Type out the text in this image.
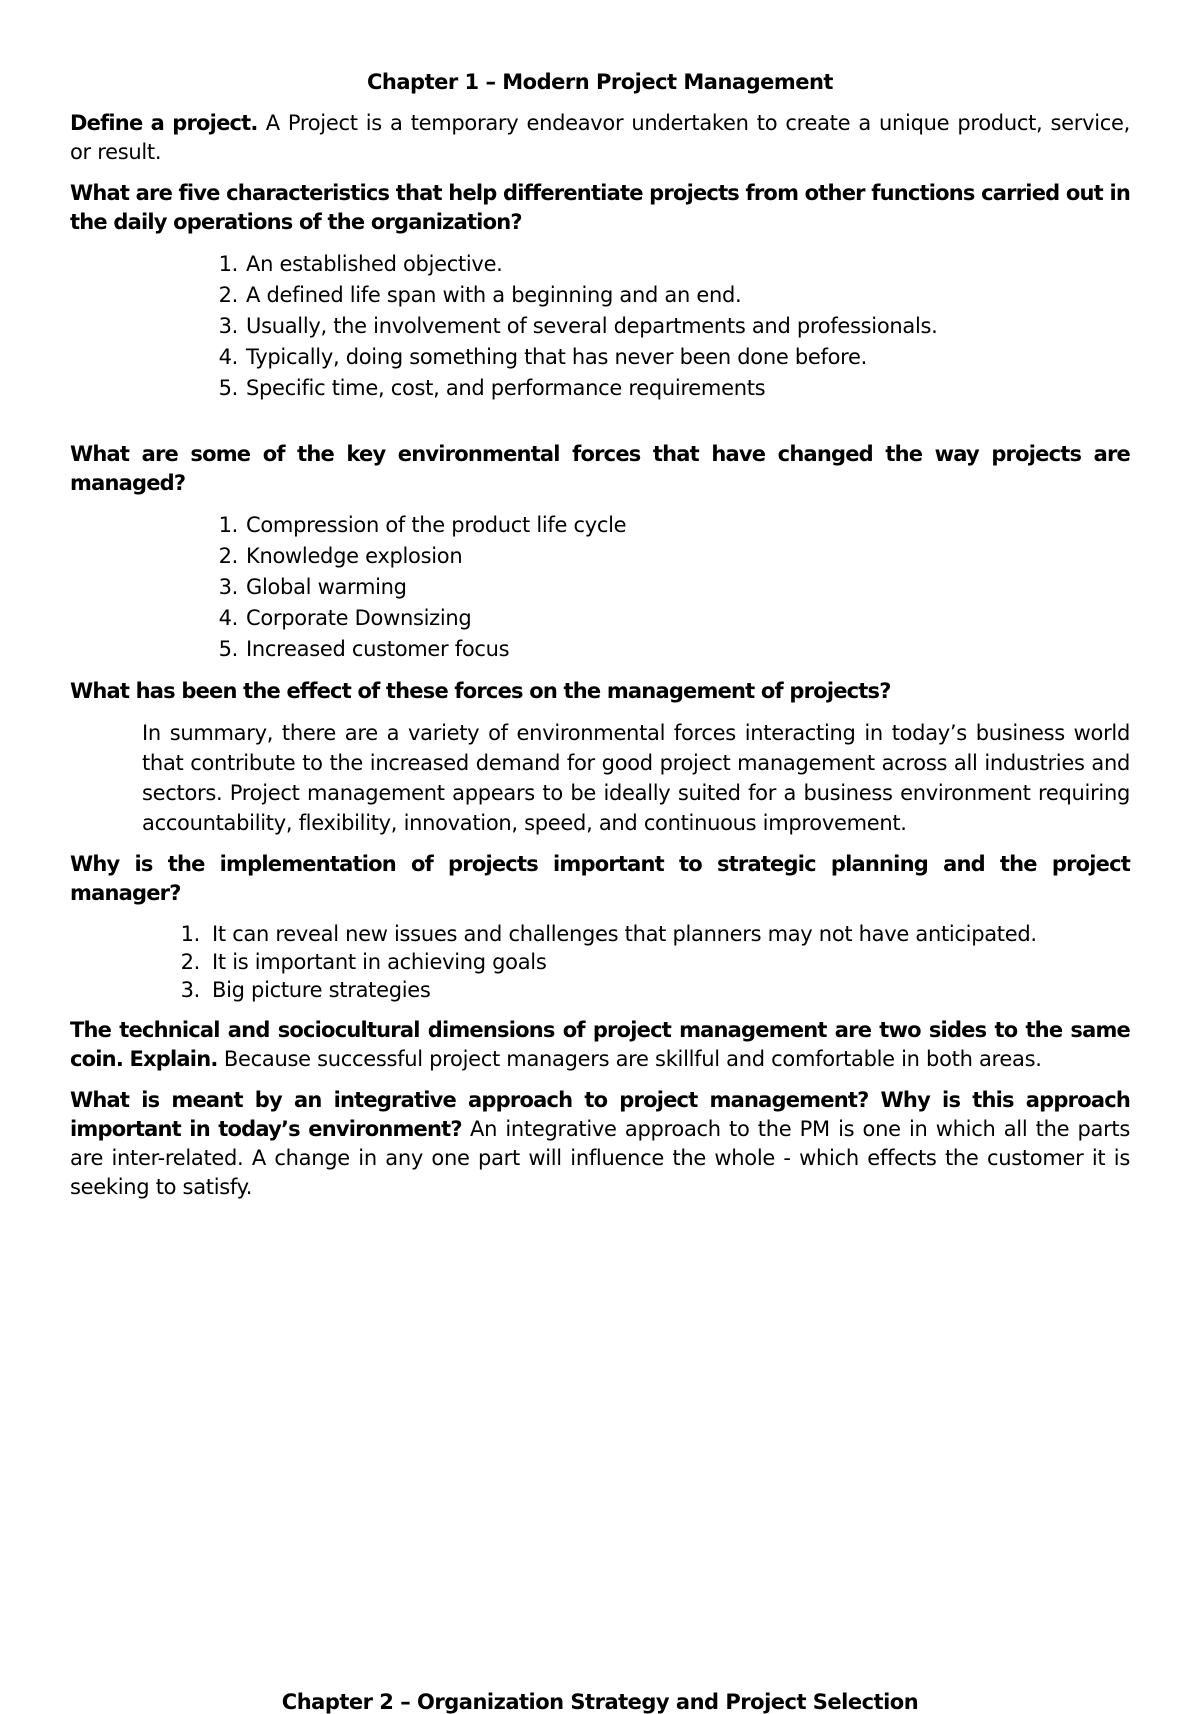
Chapter 1 – Modern Project Management

Define a project. A Project is a temporary endeavor undertaken to create a unique product, service, or result.

What are five characteristics that help differentiate projects from other functions carried out in the daily operations of the organization?

1. An established objective.
2. A defined life span with a beginning and an end.
3. Usually, the involvement of several departments and professionals.
4. Typically, doing something that has never been done before.
5. Specific time, cost, and performance requirements

What are some of the key environmental forces that have changed the way projects are managed?

1. Compression of the product life cycle
2. Knowledge explosion
3. Global warming
4. Corporate Downsizing
5. Increased customer focus

What has been the effect of these forces on the management of projects?

In summary, there are a variety of environmental forces interacting in today’s business world that contribute to the increased demand for good project management across all industries and sectors. Project management appears to be ideally suited for a business environment requiring accountability, flexibility, innovation, speed, and continuous improvement.

Why is the implementation of projects important to strategic planning and the project manager?

1. It can reveal new issues and challenges that planners may not have anticipated.
2. It is important in achieving goals
3. Big picture strategies

The technical and sociocultural dimensions of project management are two sides to the same coin. Explain. Because successful project managers are skillful and comfortable in both areas.

What is meant by an integrative approach to project management? Why is this approach important in today’s environment? An integrative approach to the PM is one in which all the parts are inter-related. A change in any one part will influence the whole - which effects the customer it is seeking to satisfy.

Chapter 2 – Organization Strategy and Project Selection
